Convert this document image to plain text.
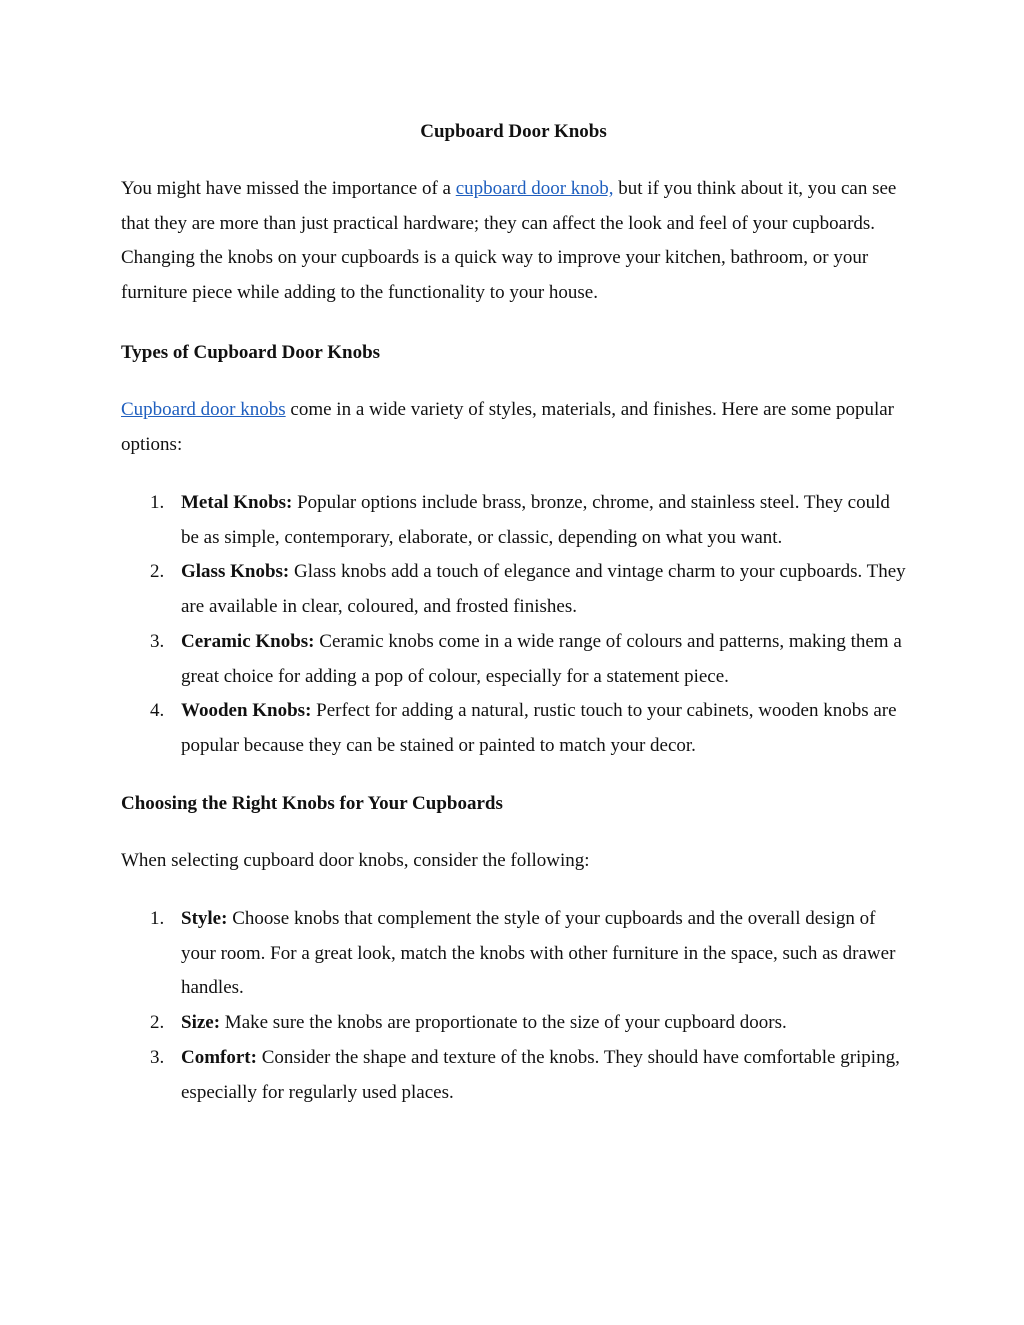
Cupboard Door Knobs

You might have missed the importance of a cupboard door knob, but if you think about it, you can see that they are more than just practical hardware; they can affect the look and feel of your cupboards. Changing the knobs on your cupboards is a quick way to improve your kitchen, bathroom, or your furniture piece while adding to the functionality to your house.

Types of Cupboard Door Knobs

Cupboard door knobs come in a wide variety of styles, materials, and finishes. Here are some popular options:

1. Metal Knobs: Popular options include brass, bronze, chrome, and stainless steel. They could be as simple, contemporary, elaborate, or classic, depending on what you want.
2. Glass Knobs: Glass knobs add a touch of elegance and vintage charm to your cupboards. They are available in clear, coloured, and frosted finishes.
3. Ceramic Knobs: Ceramic knobs come in a wide range of colours and patterns, making them a great choice for adding a pop of colour, especially for a statement piece.
4. Wooden Knobs: Perfect for adding a natural, rustic touch to your cabinets, wooden knobs are popular because they can be stained or painted to match your decor.
Choosing the Right Knobs for Your Cupboards

When selecting cupboard door knobs, consider the following:

1. Style: Choose knobs that complement the style of your cupboards and the overall design of your room. For a great look, match the knobs with other furniture in the space, such as drawer handles.
2. Size: Make sure the knobs are proportionate to the size of your cupboard doors.
3. Comfort: Consider the shape and texture of the knobs. They should have comfortable griping, especially for regularly used places.
